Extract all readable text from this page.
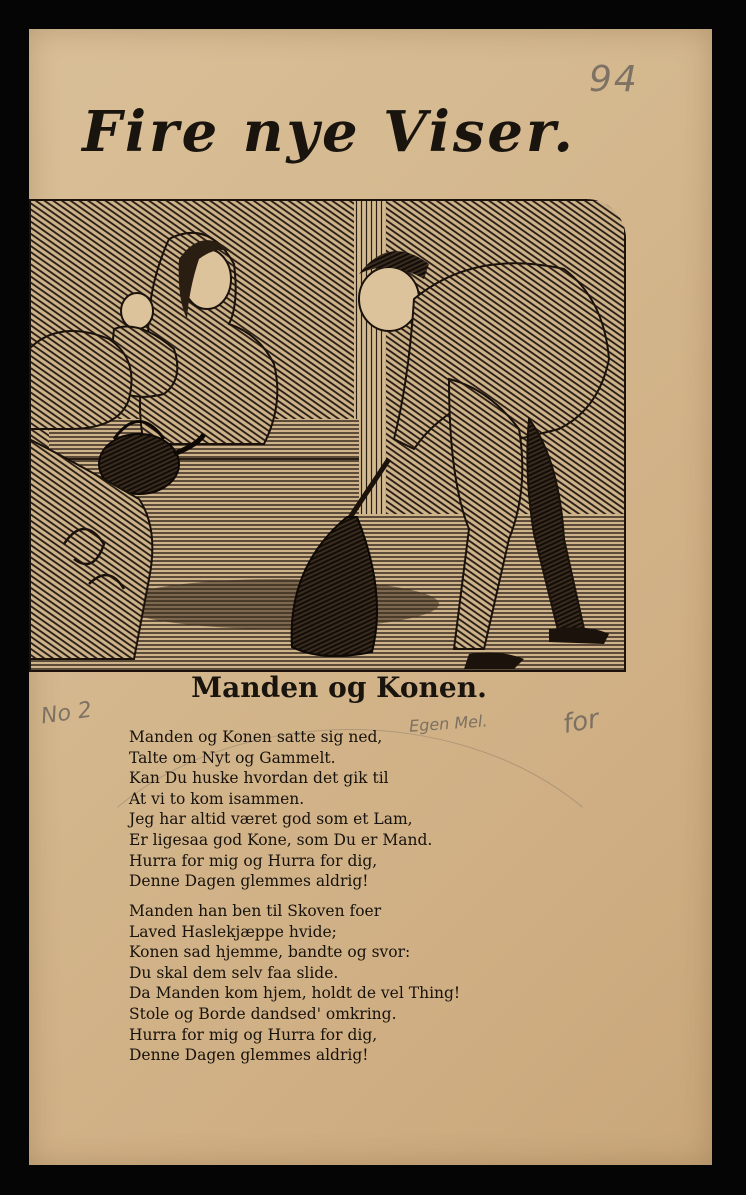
94
Fire nye Viser.
Manden og Konen.
No 2	Egen Mel.	for
Manden og Konen satte sig ned,
Talte om Nyt og Gammelt.
Kan Du huske hvordan det gik til
At vi to kom isammen.
Jeg har altid været god som et Lam,
Er ligesaa god Kone, som Du er Mand.
Hurra for mig og Hurra for dig,
Denne Dagen glemmes aldrig!
Manden han ben til Skoven foer
Laved Haslekjæppe hvide;
Konen sad hjemme, bandte og svor:
Du skal dem selv faa slide.
Da Manden kom hjem, holdt de vel Thing!
Stole og Borde dandsed' omkring.
Hurra for mig og Hurra for dig,
Denne Dagen glemmes aldrig!
